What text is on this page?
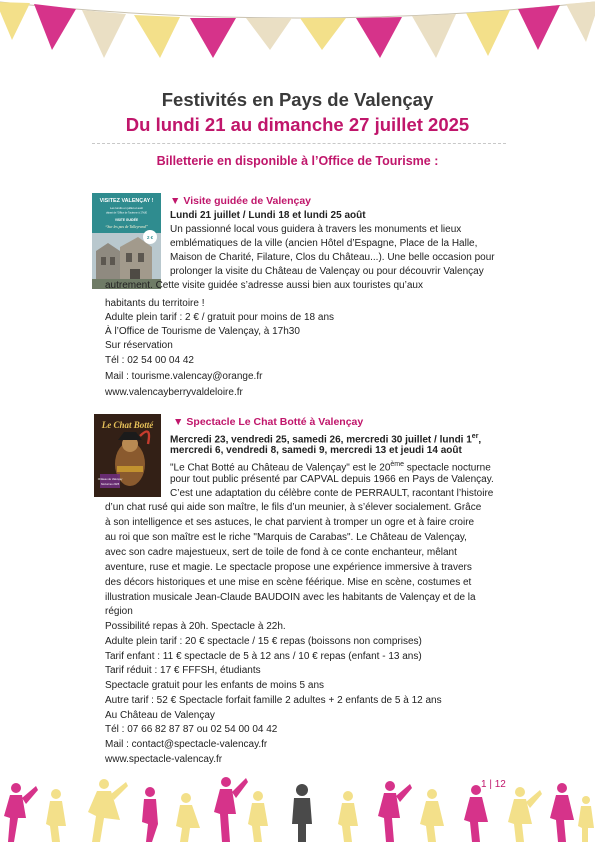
Festivités en Pays de Valençay
Du lundi 21 au dimanche 27 juillet 2025
Billetterie en disponible à l’Office de Tourisme :
VISITEZ VALENÇAY !
Les lundis en juillet et août
départ de l’Office de Tourisme à 17h30
VISITE GUIDÉE
“Sur les pas de Talleyrand”
2 €
▼ Visite guidée de Valençay
Lundi 21 juillet / Lundi 18 et lundi 25 août
Un passionné local vous guidera à travers les monuments et lieux
emblématiques de la ville (ancien Hôtel d’Espagne, Place de la Halle,
Maison de Charité, Filature, Clos du Château...). Une belle occasion pour
prolonger la visite du Château de Valençay ou pour découvrir Valençay
autrement. Cette visite guidée s’adresse aussi bien aux touristes qu’aux
habitants du territoire !
Adulte plein tarif : 2 € / gratuit pour moins de 18 ans
À l’Office de Tourisme de Valençay, à 17h30
Sur réservation
Tél : 02 54 00 04 42
Mail : tourisme.valencay@orange.fr
www.valencayberryvaldeloire.fr
Le Chat Botté
Château de Valençay
Nocturnes 2025
▼ Spectacle Le Chat Botté à Valençay
Mercredi 23, vendredi 25, samedi 26, mercredi 30 juillet / lundi 1er,
mercredi 6, vendredi 8, samedi 9, mercredi 13 et jeudi 14 août
"Le Chat Botté au Château de Valençay" est le 20ème spectacle nocturne
pour tout public présenté par CAPVAL depuis 1966 en Pays de Valençay.
C’est une adaptation du célèbre conte de PERRAULT, racontant l’histoire
d’un chat rusé qui aide son maître, le fils d’un meunier, à s’élever socialement. Grâce
à son intelligence et ses astuces, le chat parvient à tromper un ogre et à faire croire
au roi que son maître est le riche "Marquis de Carabas". Le Château de Valençay,
avec son cadre majestueux, sert de toile de fond à ce conte enchanteur, mêlant
aventure, ruse et magie. Le spectacle propose une expérience immersive à travers
des décors historiques et une mise en scène féérique. Mise en scène, costumes et
illustration musicale Jean-Claude BAUDOIN avec les habitants de Valençay et de la
région
Possibilité repas à 20h. Spectacle à 22h.
Adulte plein tarif : 20 € spectacle / 15 € repas (boissons non comprises)
Tarif enfant : 11 € spectacle de 5 à 12 ans / 10 € repas (enfant - 13 ans)
Tarif réduit : 17 € FFFSH, étudiants
Spectacle gratuit pour les enfants de moins 5 ans
Autre tarif : 52 € Spectacle forfait famille 2 adultes + 2 enfants de 5 à 12 ans
Au Château de Valençay
Tél : 07 66 82 87 87 ou 02 54 00 04 42
Mail : contact@spectacle-valencay.fr
www.spectacle-valencay.fr
1 | 12
